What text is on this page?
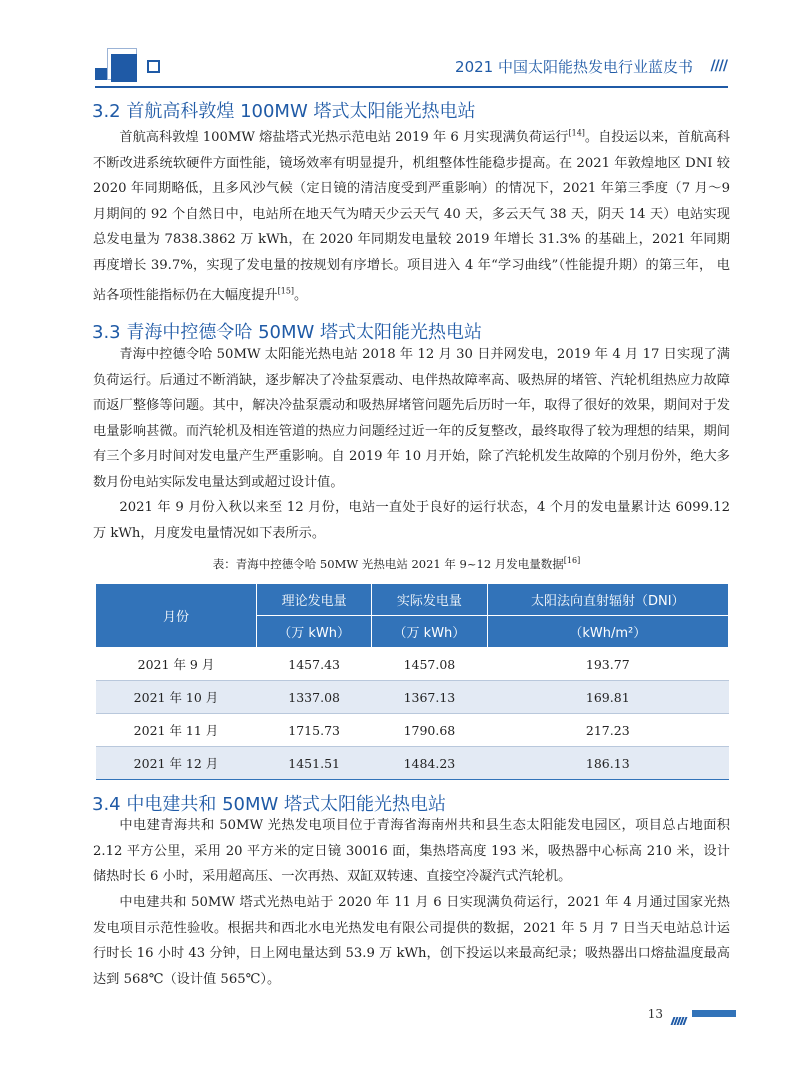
2021 中国太阳能热发电行业蓝皮书 ////
3.2 首航高科敦煌 100MW 塔式太阳能光热电站

首航高科敦煌 100MW 熔盐塔式光热示范电站 2019 年 6 月实现满负荷运行[14]。自投运以来，首航高科不断改进系统软硬件方面性能，镜场效率有明显提升，机组整体性能稳步提高。在 2021 年敦煌地区 DNI 较 2020 年同期略低，且多风沙气候（定日镜的清洁度受到严重影响）的情况下，2021 年第三季度（7 月～9 月期间的 92 个自然日中，电站所在地天气为晴天少云天气 40 天，多云天气 38 天，阴天 14 天）电站实现总发电量为 7838.3862 万 kWh，在 2020 年同期发电量较 2019 年增长 31.3% 的基础上，2021 年同期再度增长 39.7%，实现了发电量的按规划有序增长。项目进入 4 年“学习曲线”（性能提升期）的第三年， 电站各项性能指标仍在大幅度提升[15]。

3.3 青海中控德令哈 50MW 塔式太阳能光热电站

青海中控德令哈 50MW 太阳能光热电站 2018 年 12 月 30 日并网发电，2019 年 4 月 17 日实现了满负荷运行。后通过不断消缺，逐步解决了冷盐泵震动、电伴热故障率高、吸热屏的堵管、汽轮机组热应力故障而返厂整修等问题。其中，解决冷盐泵震动和吸热屏堵管问题先后历时一年，取得了很好的效果，期间对于发电量影响甚微。而汽轮机及相连管道的热应力问题经过近一年的反复整改，最终取得了较为理想的结果，期间有三个多月时间对发电量产生严重影响。自 2019 年 10 月开始，除了汽轮机发生故障的个别月份外，绝大多数月份电站实际发电量达到或超过设计值。

2021 年 9 月份入秋以来至 12 月份，电站一直处于良好的运行状态，4 个月的发电量累计达 6099.12 万 kWh，月度发电量情况如下表所示。

表：青海中控德令哈 50MW 光热电站 2021 年 9~12 月发电量数据[16]
月份	理论发电量	实际发电量	太阳法向直射辐射（DNI）
	（万 kWh）	（万 kWh）	（kWh/m²）
2021 年 9 月	1457.43	1457.08	193.77
2021 年 10 月	1337.08	1367.13	169.81
2021 年 11 月	1715.73	1790.68	217.23
2021 年 12 月	1451.51	1484.23	186.13
3.4 中电建共和 50MW 塔式太阳能光热电站

中电建青海共和 50MW 光热发电项目位于青海省海南州共和县生态太阳能发电园区，项目总占地面积 2.12 平方公里，采用 20 平方米的定日镜 30016 面，集热塔高度 193 米，吸热器中心标高 210 米，设计储热时长 6 小时，采用超高压、一次再热、双缸双转速、直接空冷凝汽式汽轮机。

中电建共和 50MW 塔式光热电站于 2020 年 11 月 6 日实现满负荷运行，2021 年 4 月通过国家光热发电项目示范性验收。根据共和西北水电光热发电有限公司提供的数据，2021 年 5 月 7 日当天电站总计运行时长 16 小时 43 分钟，日上网电量达到 53.9 万 kWh，创下投运以来最高纪录；吸热器出口熔盐温度最高达到 568℃（设计值 565℃）。

13
